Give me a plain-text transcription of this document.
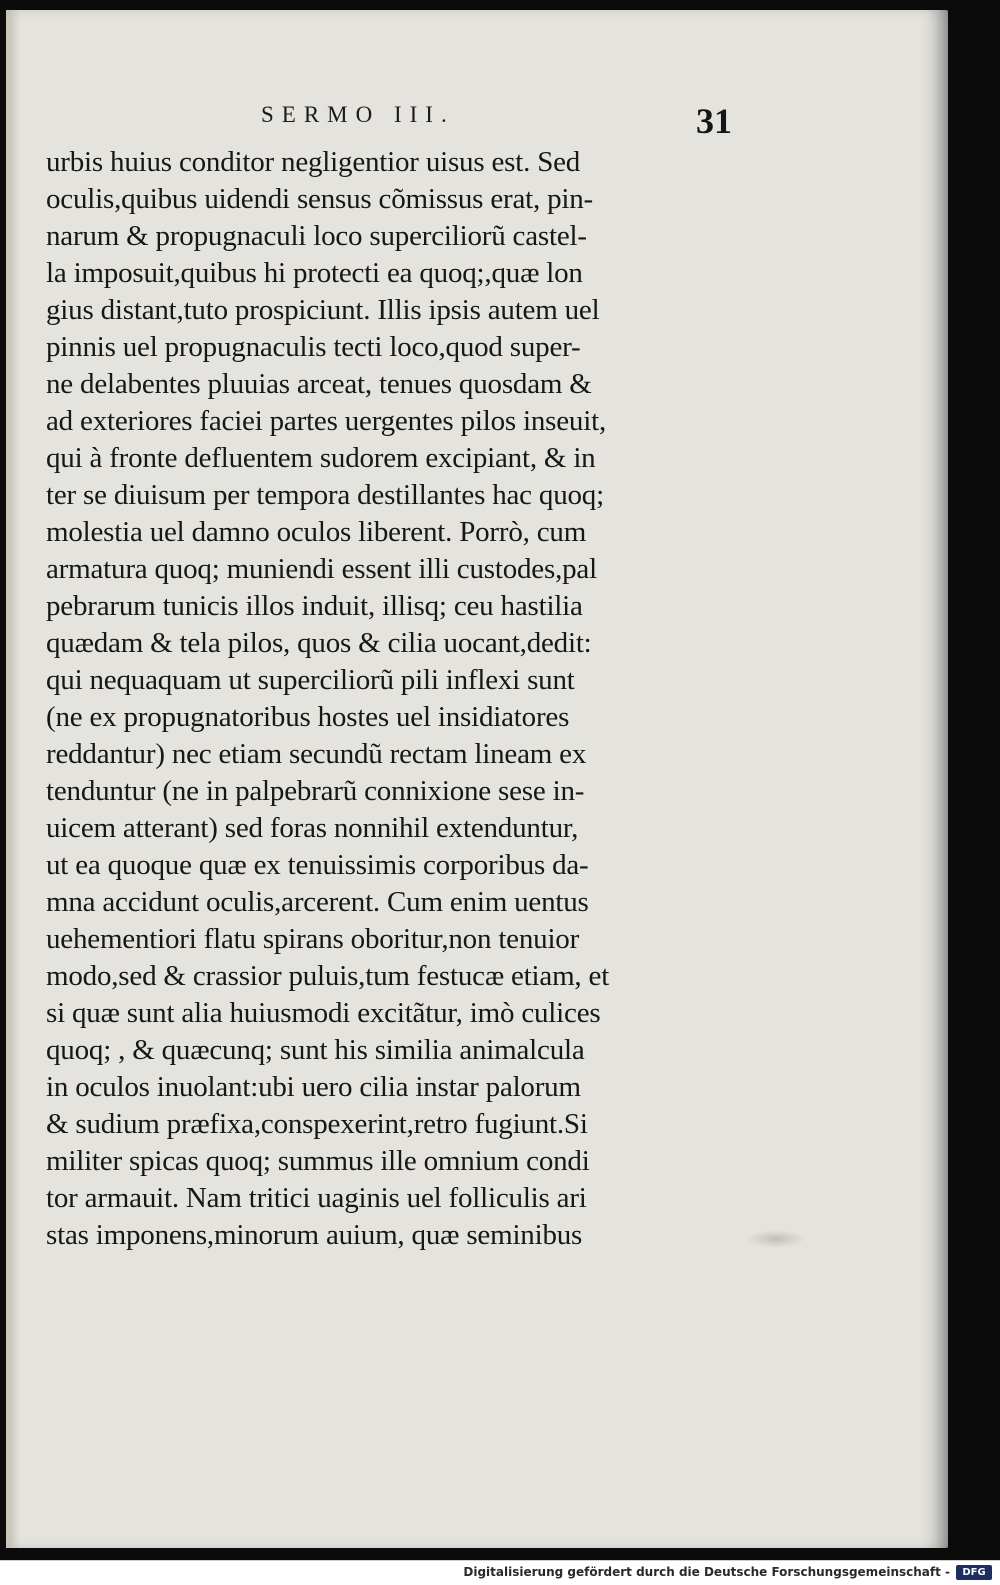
SERMO III.	31
urbis huius conditor negligentior uisus est. Sed
oculis,quibus uidendi sensus cõmissus erat, pin-
narum & propugnaculi loco superciliorũ castel-
la imposuit,quibus hi protecti ea quoq;,quæ lon
gius distant,tuto prospiciunt. Illis ipsis autem uel
pinnis uel propugnaculis tecti loco,quod super-
ne delabentes pluuias arceat, tenues quosdam &
ad exteriores faciei partes uergentes pilos inseuit,
qui à fronte defluentem sudorem excipiant, & in
ter se diuisum per tempora destillantes hac quoq;
molestia uel damno oculos liberent. Porrò, cum
armatura quoq; muniendi essent illi custodes,pal
pebrarum tunicis illos induit, illisq; ceu hastilia
quædam & tela pilos, quos & cilia uocant,dedit:
qui nequaquam ut superciliorũ pili inflexi sunt
(ne ex propugnatoribus hostes uel insidiatores
reddantur) nec etiam secundũ rectam lineam ex
tenduntur (ne in palpebrarũ connixione sese in-
uicem atterant) sed foras nonnihil extenduntur,
ut ea quoque quæ ex tenuissimis corporibus da-
mna accidunt oculis,arcerent. Cum enim uentus
uehementiori flatu spirans oboritur,non tenuior
modo,sed & crassior puluis,tum festucæ etiam, et
si quæ sunt alia huiusmodi excitãtur, imò culices
quoq; , & quæcunq; sunt his similia animalcula
in oculos inuolant:ubi uero cilia instar palorum
& sudium præfixa,conspexerint,retro fugiunt.Si
militer spicas quoq; summus ille omnium condi
tor armauit. Nam tritici uaginis uel folliculis ari
stas imponens,minorum auium, quæ seminibus
Digitalisierung gefördert durch die Deutsche Forschungsgemeinschaft -	DFG
